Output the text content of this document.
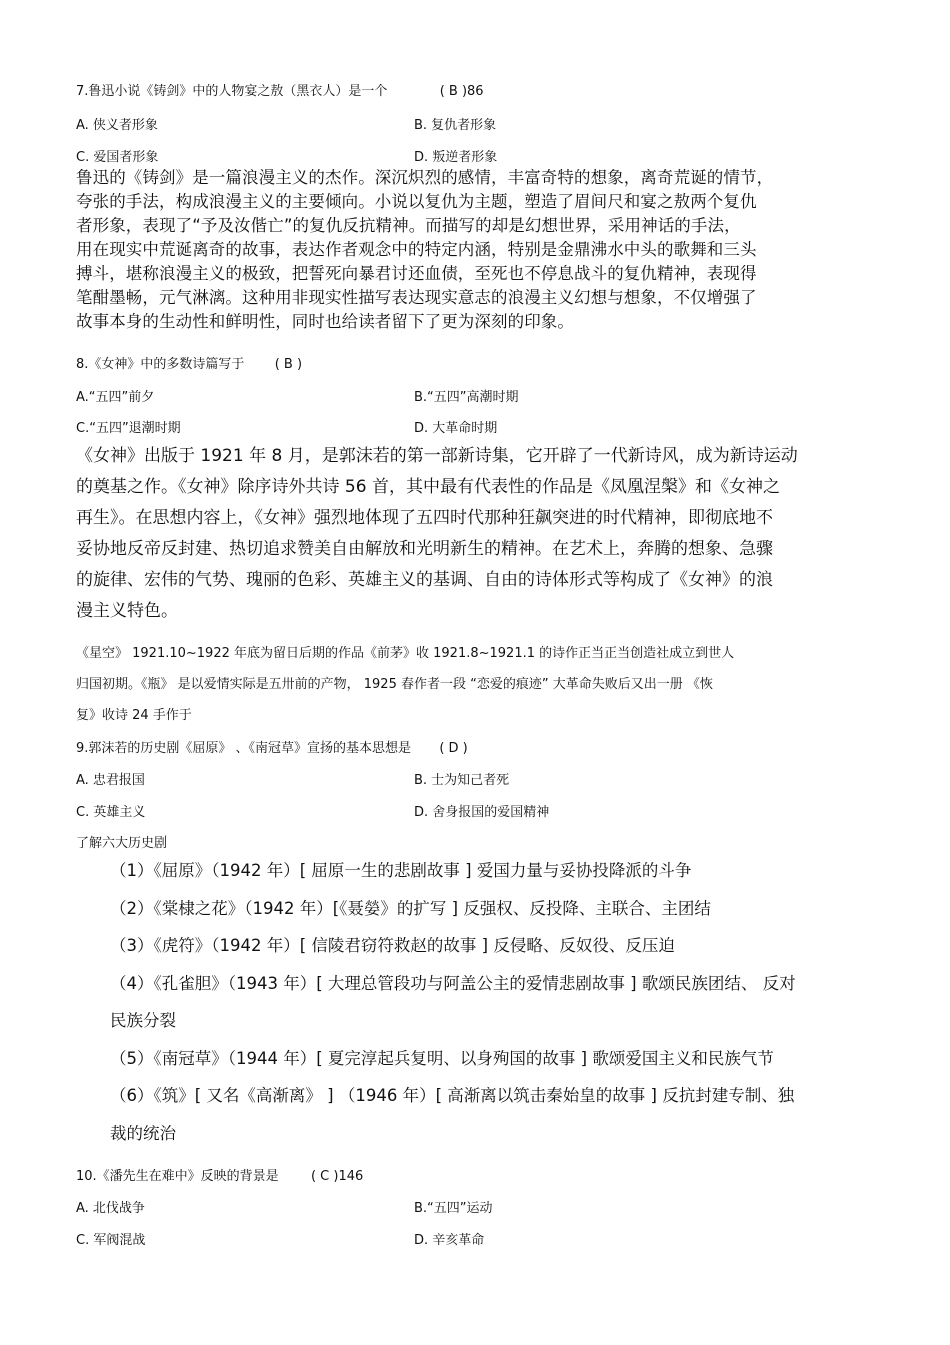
7.鲁迅小说《铸剑》中的人物宴之敖（黑衣人）是一个	( B )86
A. 侠义者形象	B. 复仇者形象
C. 爱国者形象	D. 叛逆者形象
鲁迅的《铸剑》是一篇浪漫主义的杰作。深沉炽烈的感情，丰富奇特的想象，离奇荒诞的情节，
夸张的手法，构成浪漫主义的主要倾向。小说以复仇为主题，塑造了眉间尺和宴之敖两个复仇
者形象，表现了“予及汝偕亡”的复仇反抗精神。而描写的却是幻想世界，采用神话的手法，
用在现实中荒诞离奇的故事，表达作者观念中的特定内涵，特别是金鼎沸水中头的歌舞和三头
搏斗，堪称浪漫主义的极致，把誓死向暴君讨还血债，至死也不停息战斗的复仇精神，表现得
笔酣墨畅，元气淋漓。这种用非现实性描写表达现实意志的浪漫主义幻想与想象，不仅增强了
故事本身的生动性和鲜明性，同时也给读者留下了更为深刻的印象。
8.《女神》中的多数诗篇写于 ( B )
A.“五四”前夕	B.“五四”高潮时期
C.“五四”退潮时期	D. 大革命时期
《女神》出版于 1921 年 8 月，是郭沫若的第一部新诗集，它开辟了一代新诗风，成为新诗运动
的奠基之作。《女神》除序诗外共诗 56 首，其中最有代表性的作品是《凤凰涅槃》和《女神之
再生》。在思想内容上，《女神》强烈地体现了五四时代那种狂飙突进的时代精神，即彻底地不
妥协地反帝反封建、热切追求赞美自由解放和光明新生的精神。在艺术上，奔腾的想象、急骤
的旋律、宏伟的气势、瑰丽的色彩、英雄主义的基调、自由的诗体形式等构成了《女神》的浪
漫主义特色。
《星空》 1921.10~1922 年底为留日后期的作品《前茅》收 1921.8~1921.1 的诗作正当正当创造社成立到世人
归国初期。《瓶》 是以爱情实际是五卅前的产物， 1925 春作者一段 “恋爱的痕迹” 大革命失败后又出一册 《恢
复》收诗 24 手作于
9.郭沫若的历史剧《屈原》 、《南冠草》宣扬的基本思想是 ( D )
A. 忠君报国	B. 士为知己者死
C. 英雄主义	D. 舍身报国的爱国精神
了解六大历史剧
（1）《屈原》（1942 年）[ 屈原一生的悲剧故事 ] 爱国力量与妥协投降派的斗争
（2）《棠棣之花》（1942 年）[《聂嫈》的扩写 ] 反强权、反投降、主联合、主团结
（3）《虎符》（1942 年）[ 信陵君窃符救赵的故事 ] 反侵略、反奴役、反压迫
（4）《孔雀胆》（1943 年）[ 大理总管段功与阿盖公主的爱情悲剧故事 ] 歌颂民族团结、 反对
民族分裂
（5）《南冠草》（1944 年）[ 夏完淳起兵复明、以身殉国的故事 ] 歌颂爱国主义和民族气节
（6）《筑》[ 又名《高渐离》 ] （1946 年）[ 高渐离以筑击秦始皇的故事 ] 反抗封建专制、独
裁的统治
10.《潘先生在难中》反映的背景是 ( C )146
A. 北伐战争	B.“五四”运动
C. 军阀混战	D. 辛亥革命
